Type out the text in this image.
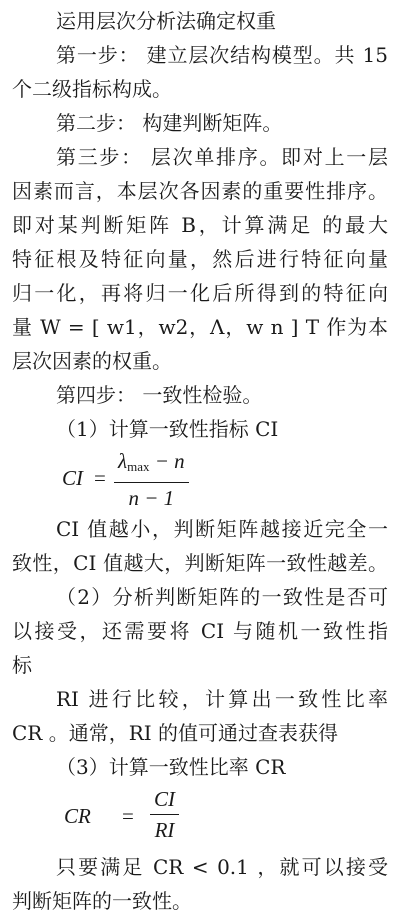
运用层次分析法确定权重
第一步： 建立层次结构模型。共 15
个二级指标构成。
第二步： 构建判断矩阵。
第三步： 层次单排序。即对上一层
因素而言，本层次各因素的重要性排序。
即对某判断矩阵 B，计算满足 的最大
特征根及特征向量，然后进行特征向量
归一化，再将归一化后所得到的特征向
量 W = [ w1，w2，Λ，w n ] T 作为本
层次因素的权重。
第四步： 一致性检验。
（1）计算一致性指标 CI
CI =
$\lambda_{max} - n$
n − 1
CI 值越小，判断矩阵越接近完全一
致性，CI 值越大，判断矩阵一致性越差。
（2）分析判断矩阵的一致性是否可
以接受，还需要将 CI 与随机一致性指
标
RI 进行比较，计算出一致性比率
CR 。通常，RI 的值可通过查表获得
（3）计算一致性比率 CR
CR = $\frac{CI}{RI}$
只要满足 CR < 0.1 ，就可以接受
判断矩阵的一致性。
